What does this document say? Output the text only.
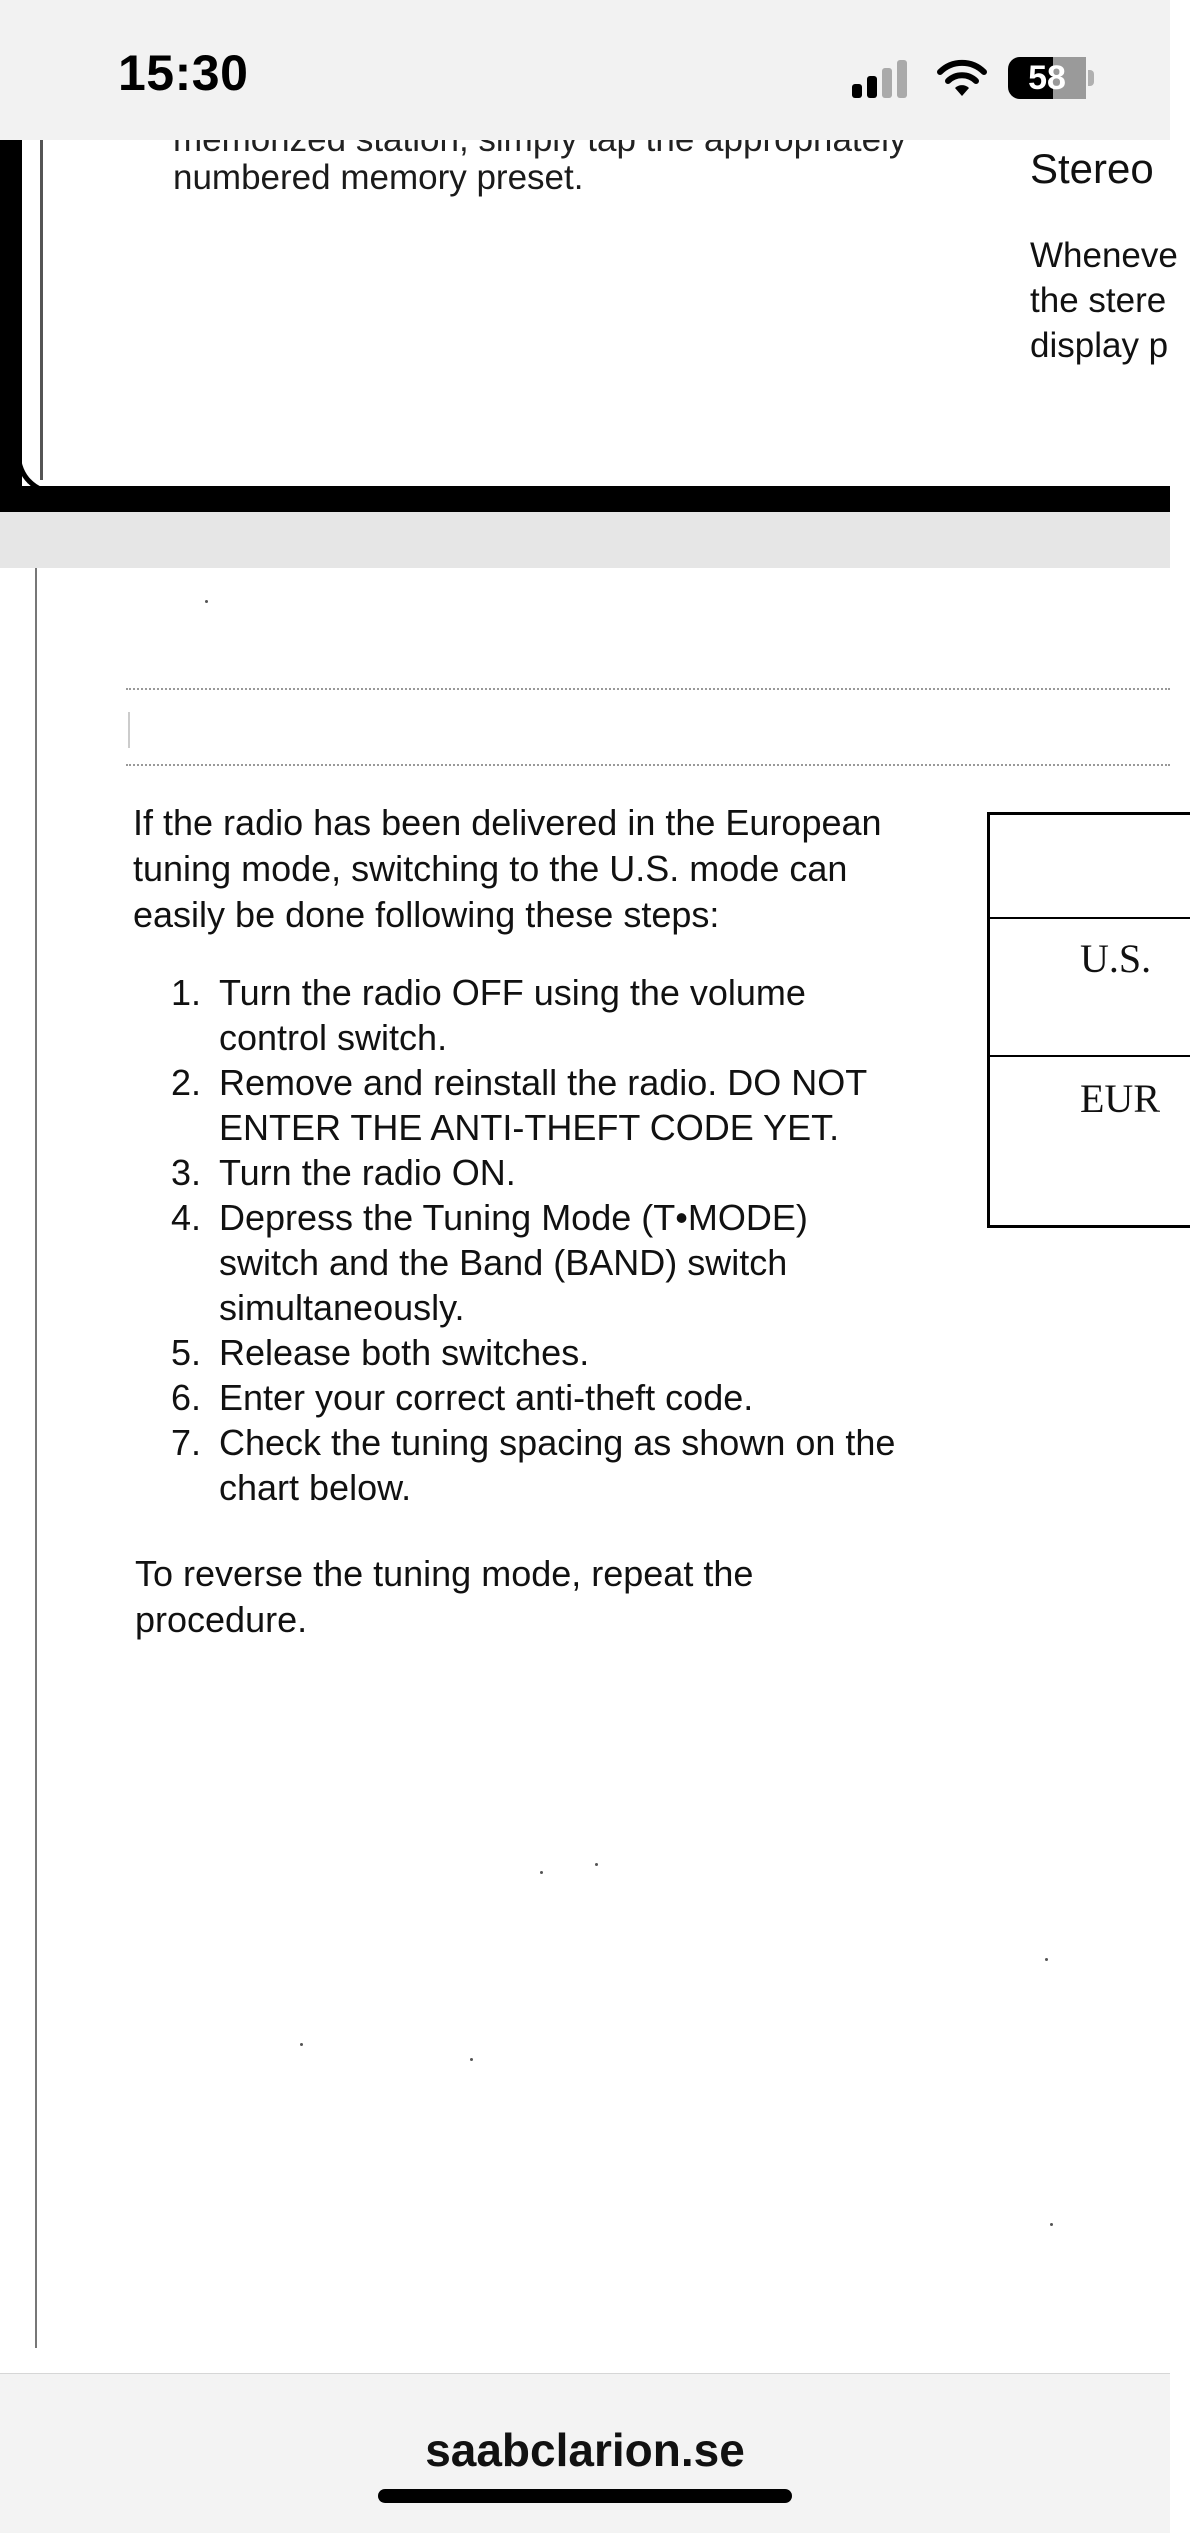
15:30	58
numbered memory preset.	Stereo
Wheneve
the stere
display p
If the radio has been delivered in the European
tuning mode, switching to the U.S. mode can
easily be done following these steps:
1. Turn the radio OFF using the volume
control switch.
2. Remove and reinstall the radio. DO NOT
ENTER THE ANTI-THEFT CODE YET.
3. Turn the radio ON.
4. Depress the Tuning Mode (T•MODE)
switch and the Band (BAND) switch
simultaneously.
5. Release both switches.
6. Enter your correct anti-theft code.
7. Check the tuning spacing as shown on the
chart below.
To reverse the tuning mode, repeat the
procedure.
U.S.
EUR
saabclarion.se
